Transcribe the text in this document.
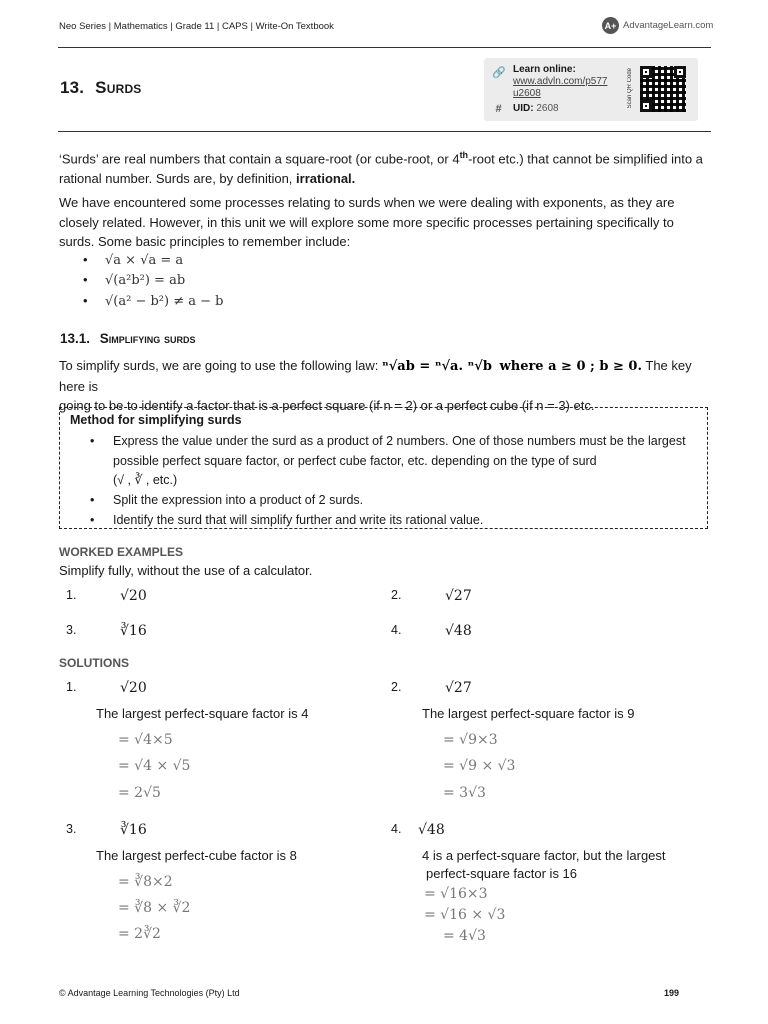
Neo Series | Mathematics | Grade 11 | CAPS | Write-On Textbook	A+ AdvantageLearn.com
13. Surds
🔗 Learn online:
www.advln.com/p577
u2608
#	UID: 2608
Scan QR Code
‘Surds’ are real numbers that contain a square-root (or cube-root, or 4th-root etc.) that cannot be simplified into a rational number. Surds are, by definition, irrational.
We have encountered some processes relating to surds when we were dealing with exponents, as they are closely related. However, in this unit we will explore some more specific processes pertaining specifically to surds. Some basic principles to remember include:
• √a × √a = a
• √(a²b²) = ab
• √(a² − b²) ≠ a − b
13.1. Simplifying surds
To simplify surds, we are going to use the following law: ⁿ√ab = ⁿ√a. ⁿ√b where a ≥ 0 ; b ≥ 0. The key here is
going to be to identify a factor that is a perfect square (if n = 2) or a perfect cube (if n = 3) etc.
Method for simplifying surds
• Express the value under the surd as a product of 2 numbers. One of those numbers must be the largest possible perfect square factor, or perfect cube factor, etc. depending on the type of surd
(√ , ∛ , etc.)
• Split the expression into a product of 2 surds.
• Identify the surd that will simplify further and write its rational value.
WORKED EXAMPLES
Simplify fully, without the use of a calculator.
1.	√20	2.	√27
3.	∛16	4.	√48
SOLUTIONS
1.	√20
The largest perfect-square factor is 4
= √4×5
= √4 × √5
= 2√5
2.	√27
The largest perfect-square factor is 9
= √9×3
= √9 × √3
= 3√3
3.	∛16
The largest perfect-cube factor is 8
= ∛8×2
= ∛8 × ∛2
= 2∛2
4. √48
4 is a perfect-square factor, but the largest
perfect-square factor is 16
= √16×3
= √16 × √3
= 4√3
© Advantage Learning Technologies (Pty) Ltd	199
